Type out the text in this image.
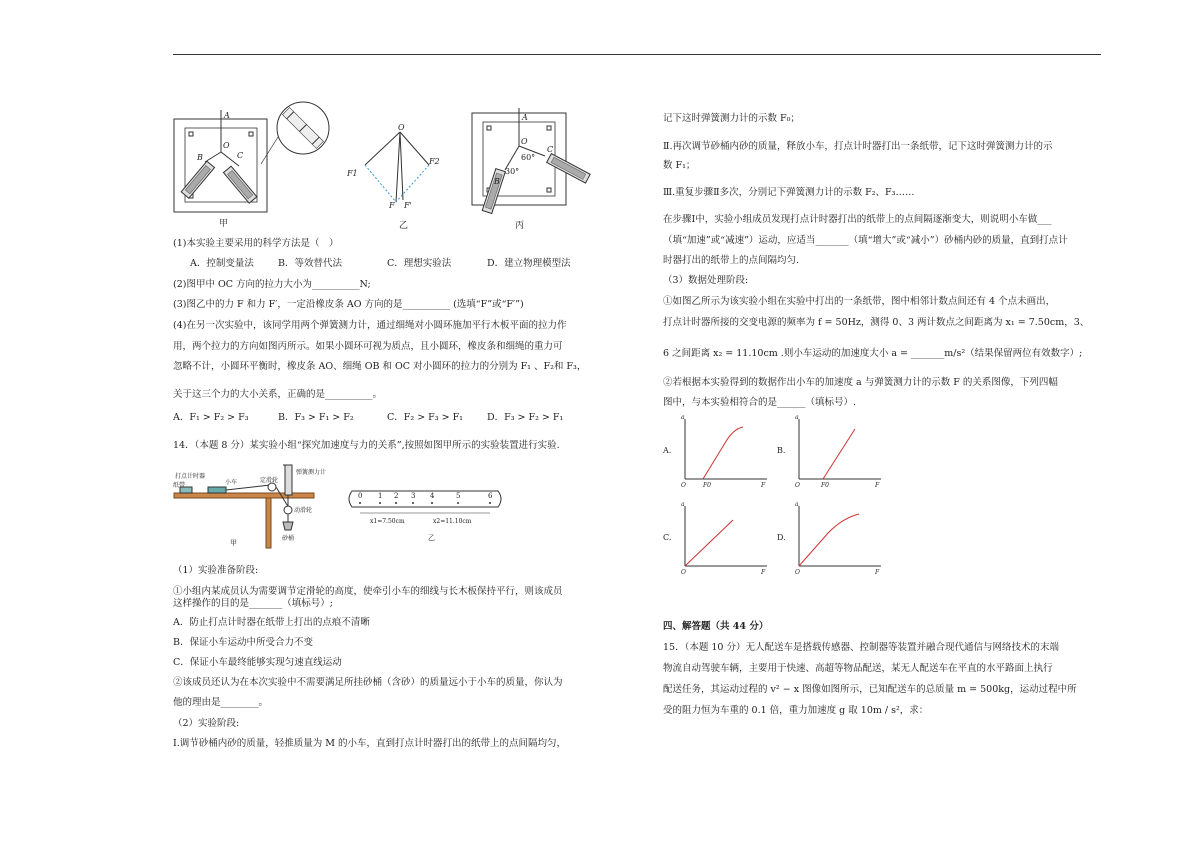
A
O
B	C
甲
O
F1
F2
F F'
乙
A
O
B
C
60°
30°
丙
(1)本实验主要采用的科学方法是（　）
A．控制变量法	B．等效替代法	C．理想实验法	D．建立物理模型法
(2)图甲中 OC 方向的拉力大小为__________N;
(3)图乙中的力 F 和力 F′，一定沿橡皮条 AO 方向的是__________ (选填“F”或“F′”)
(4)在另一次实验中，该同学用两个弹簧测力计，通过细绳对小圆环施加平行木板平面的拉力作
用，两个拉力的方向如图丙所示。如果小圆环可视为质点，且小圆环，橡皮条和细绳的重力可
忽略不计，小圆环平衡时，橡皮条 AO、细绳 OB 和 OC 对小圆环的拉力的分别为 F₁ 、F₂和 F₃，
关于这三个力的大小关系，正确的是__________。
A．F₁ > F₂ > F₃	B．F₃ > F₁ > F₂	C．F₂ > F₃ > F₁	D．F₃ > F₂ > F₁
14．（本题 8 分）某实验小组“探究加速度与力的关系”,按照如图甲所示的实验装置进行实验.
打点计时器
纸带	小车	定滑轮
弹簧测力计
动滑轮
砂桶
甲
0 1 2 3 4	5	6
x1=7.50cm	x2=11.10cm
乙
（1）实验准备阶段:
①小组内某成员认为需要调节定滑轮的高度，使牵引小车的细线与长木板保持平行，则该成员
这样操作的目的是_______（填标号）;
A．防止打点计时器在纸带上打出的点痕不清晰
B．保证小车运动中所受合力不变
C．保证小车最终能够实现匀速直线运动
②该成员还认为在本次实验中不需要满足所挂砂桶（含砂）的质量远小于小车的质量，你认为
他的理由是________。
（2）实验阶段:
Ⅰ.调节砂桶内砂的质量，轻推质量为 M 的小车，直到打点计时器打出的纸带上的点间隔均匀，
记下这时弹簧测力计的示数 F₀；
Ⅱ.再次调节砂桶内砂的质量，释放小车，打点计时器打出一条纸带，记下这时弹簧测力计的示
数 F₁；
Ⅲ.重复步骤Ⅱ多次，分别记下弹簧测力计的示数 F₂、F₃……
在步骤Ⅰ中，实验小组成员发现打点计时器打出的纸带上的点间隔逐渐变大，则说明小车做___
（填“加速”或“减速”）运动，应适当_______（填“增大”或“减小”）砂桶内砂的质量，直到打点计
时器打出的纸带上的点间隔均匀.
（3）数据处理阶段:
①如图乙所示为该实验小组在实验中打出的一条纸带，图中相邻计数点间还有 4 个点未画出，
打点计时器所接的交变电源的频率为 f = 50Hz，测得 0、3 两计数点之间距离为 x₁ = 7.50cm，3、
6 之间距离 x₂ = 11.10cm .则小车运动的加速度大小 a = _______m/s²（结果保留两位有效数字）;
②若根据本实验得到的数据作出小车的加速度 a 与弹簧测力计的示数 F 的关系图像，下列四幅
图中，与本实验相符合的是______（填标号）.
A.
a
F
O	F0
B.
a
F
O	F0
C.
a
F
O
D.
a
F
O
四、解答题（共 44 分）
15．（本题 10 分）无人配送车是搭载传感器、控制器等装置并融合现代通信与网络技术的末端
物流自动驾驶车辆，主要用于快速、高超等物品配送，某无人配送车在平直的水平路面上执行
配送任务，其运动过程的 v² − x 图像如图所示，已知配送车的总质量 m = 500kg，运动过程中所
受的阻力恒为车重的 0.1 倍，重力加速度 g 取 10m / s²，求：
